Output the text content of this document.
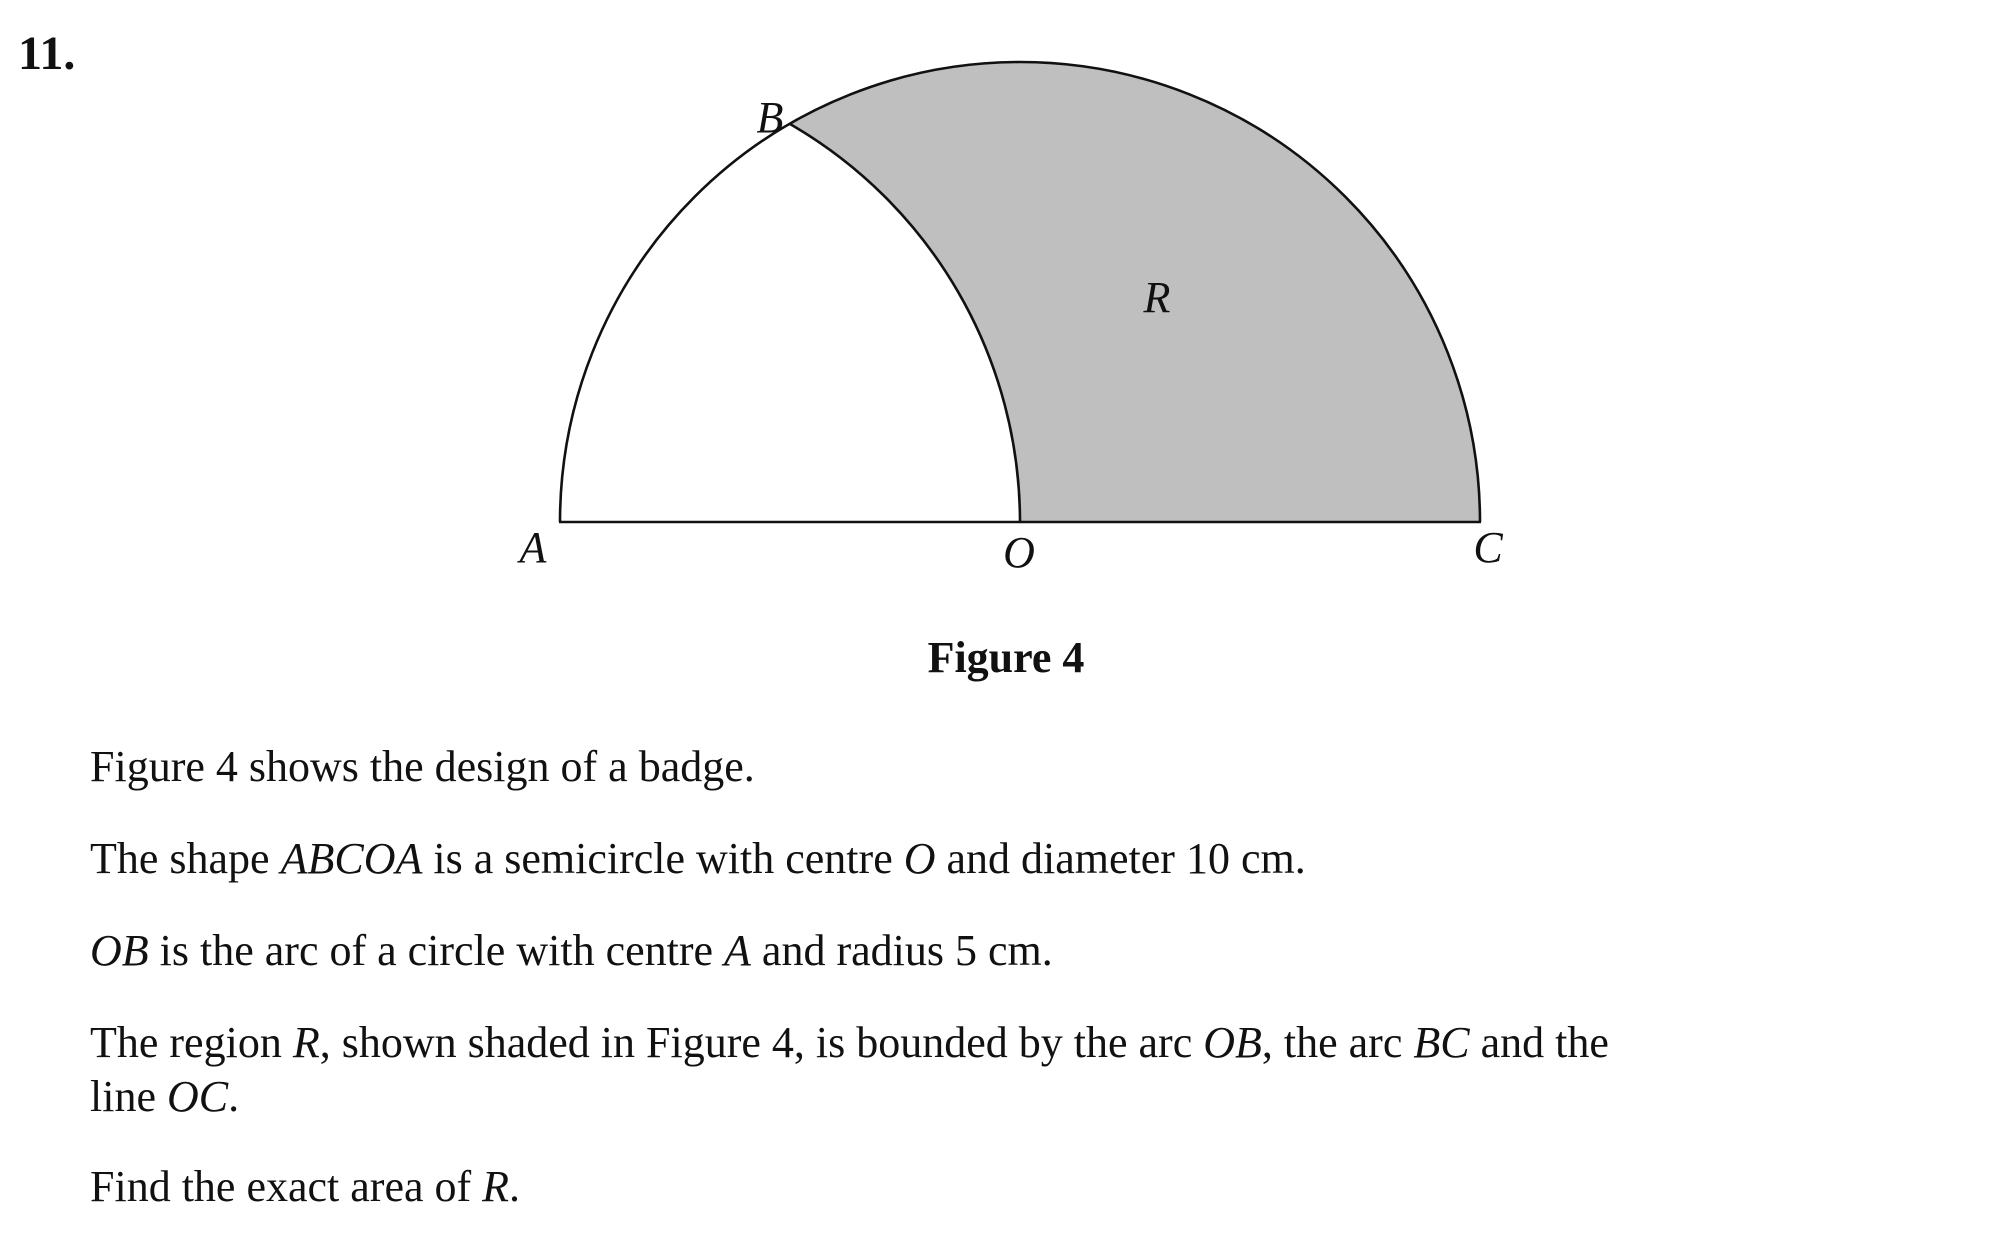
11.
B
R
A	O	C
Figure 4
Figure 4 shows the design of a badge.
The shape ABCOA is a semicircle with centre O and diameter 10 cm.
OB is the arc of a circle with centre A and radius 5 cm.
The region R, shown shaded in Figure 4, is bounded by the arc OB, the arc BC and the
line OC.
Find the exact area of R.
